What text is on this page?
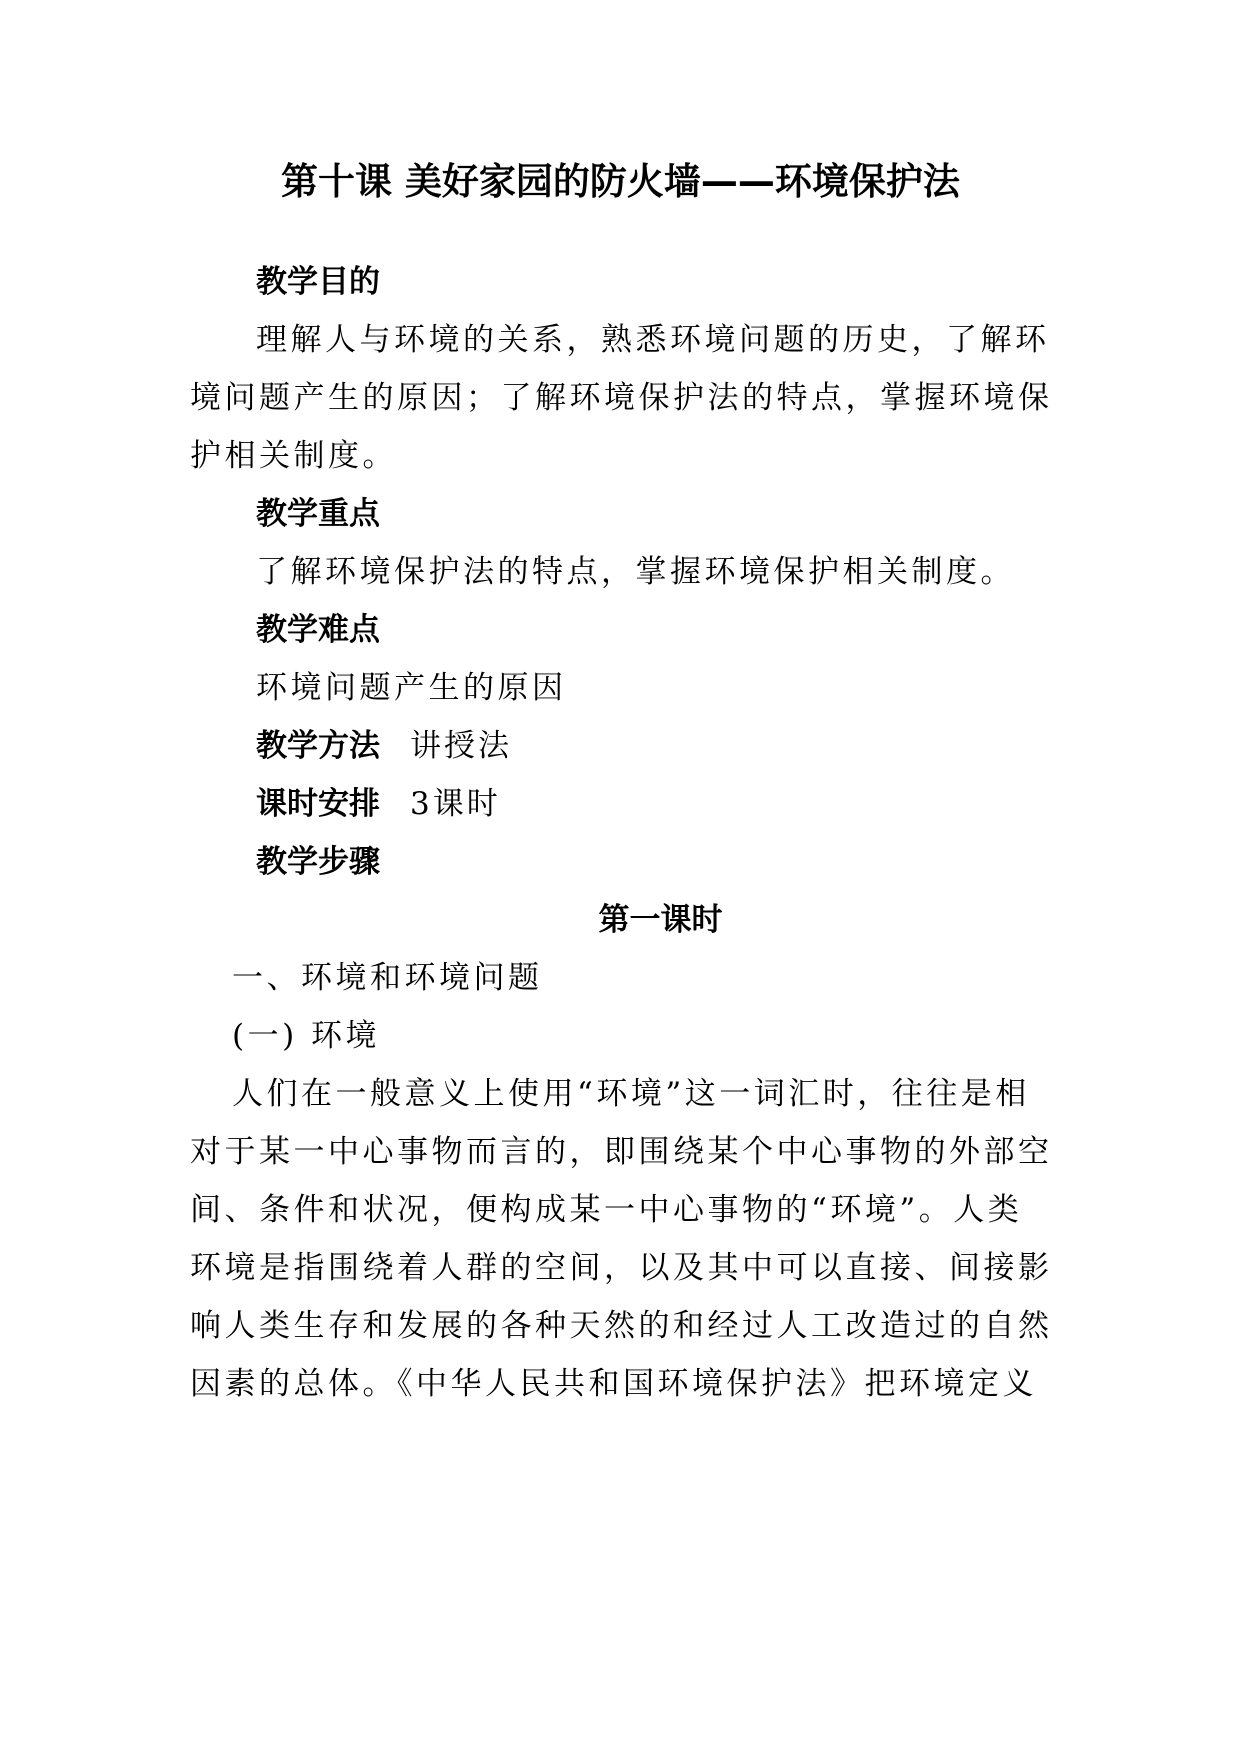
第十课 美好家园的防火墙——环境保护法

教学目的

理解人与环境的关系，熟悉环境问题的历史，了解环

境问题产生的原因；了解环境保护法的特点，掌握环境保

护相关制度。

教学重点

了解环境保护法的特点，掌握环境保护相关制度。

教学难点

环境问题产生的原因

教学方法 讲授法

课时安排 3课时

教学步骤

第一课时

一、环境和环境问题

(一) 环境

人们在一般意义上使用“环境”这一词汇时，往往是相

对于某一中心事物而言的，即围绕某个中心事物的外部空

间、条件和状况，便构成某一中心事物的“环境”。人类

环境是指围绕着人群的空间，以及其中可以直接、间接影

响人类生存和发展的各种天然的和经过人工改造过的自然

因素的总体。《中华人民共和国环境保护法》把环境定义
